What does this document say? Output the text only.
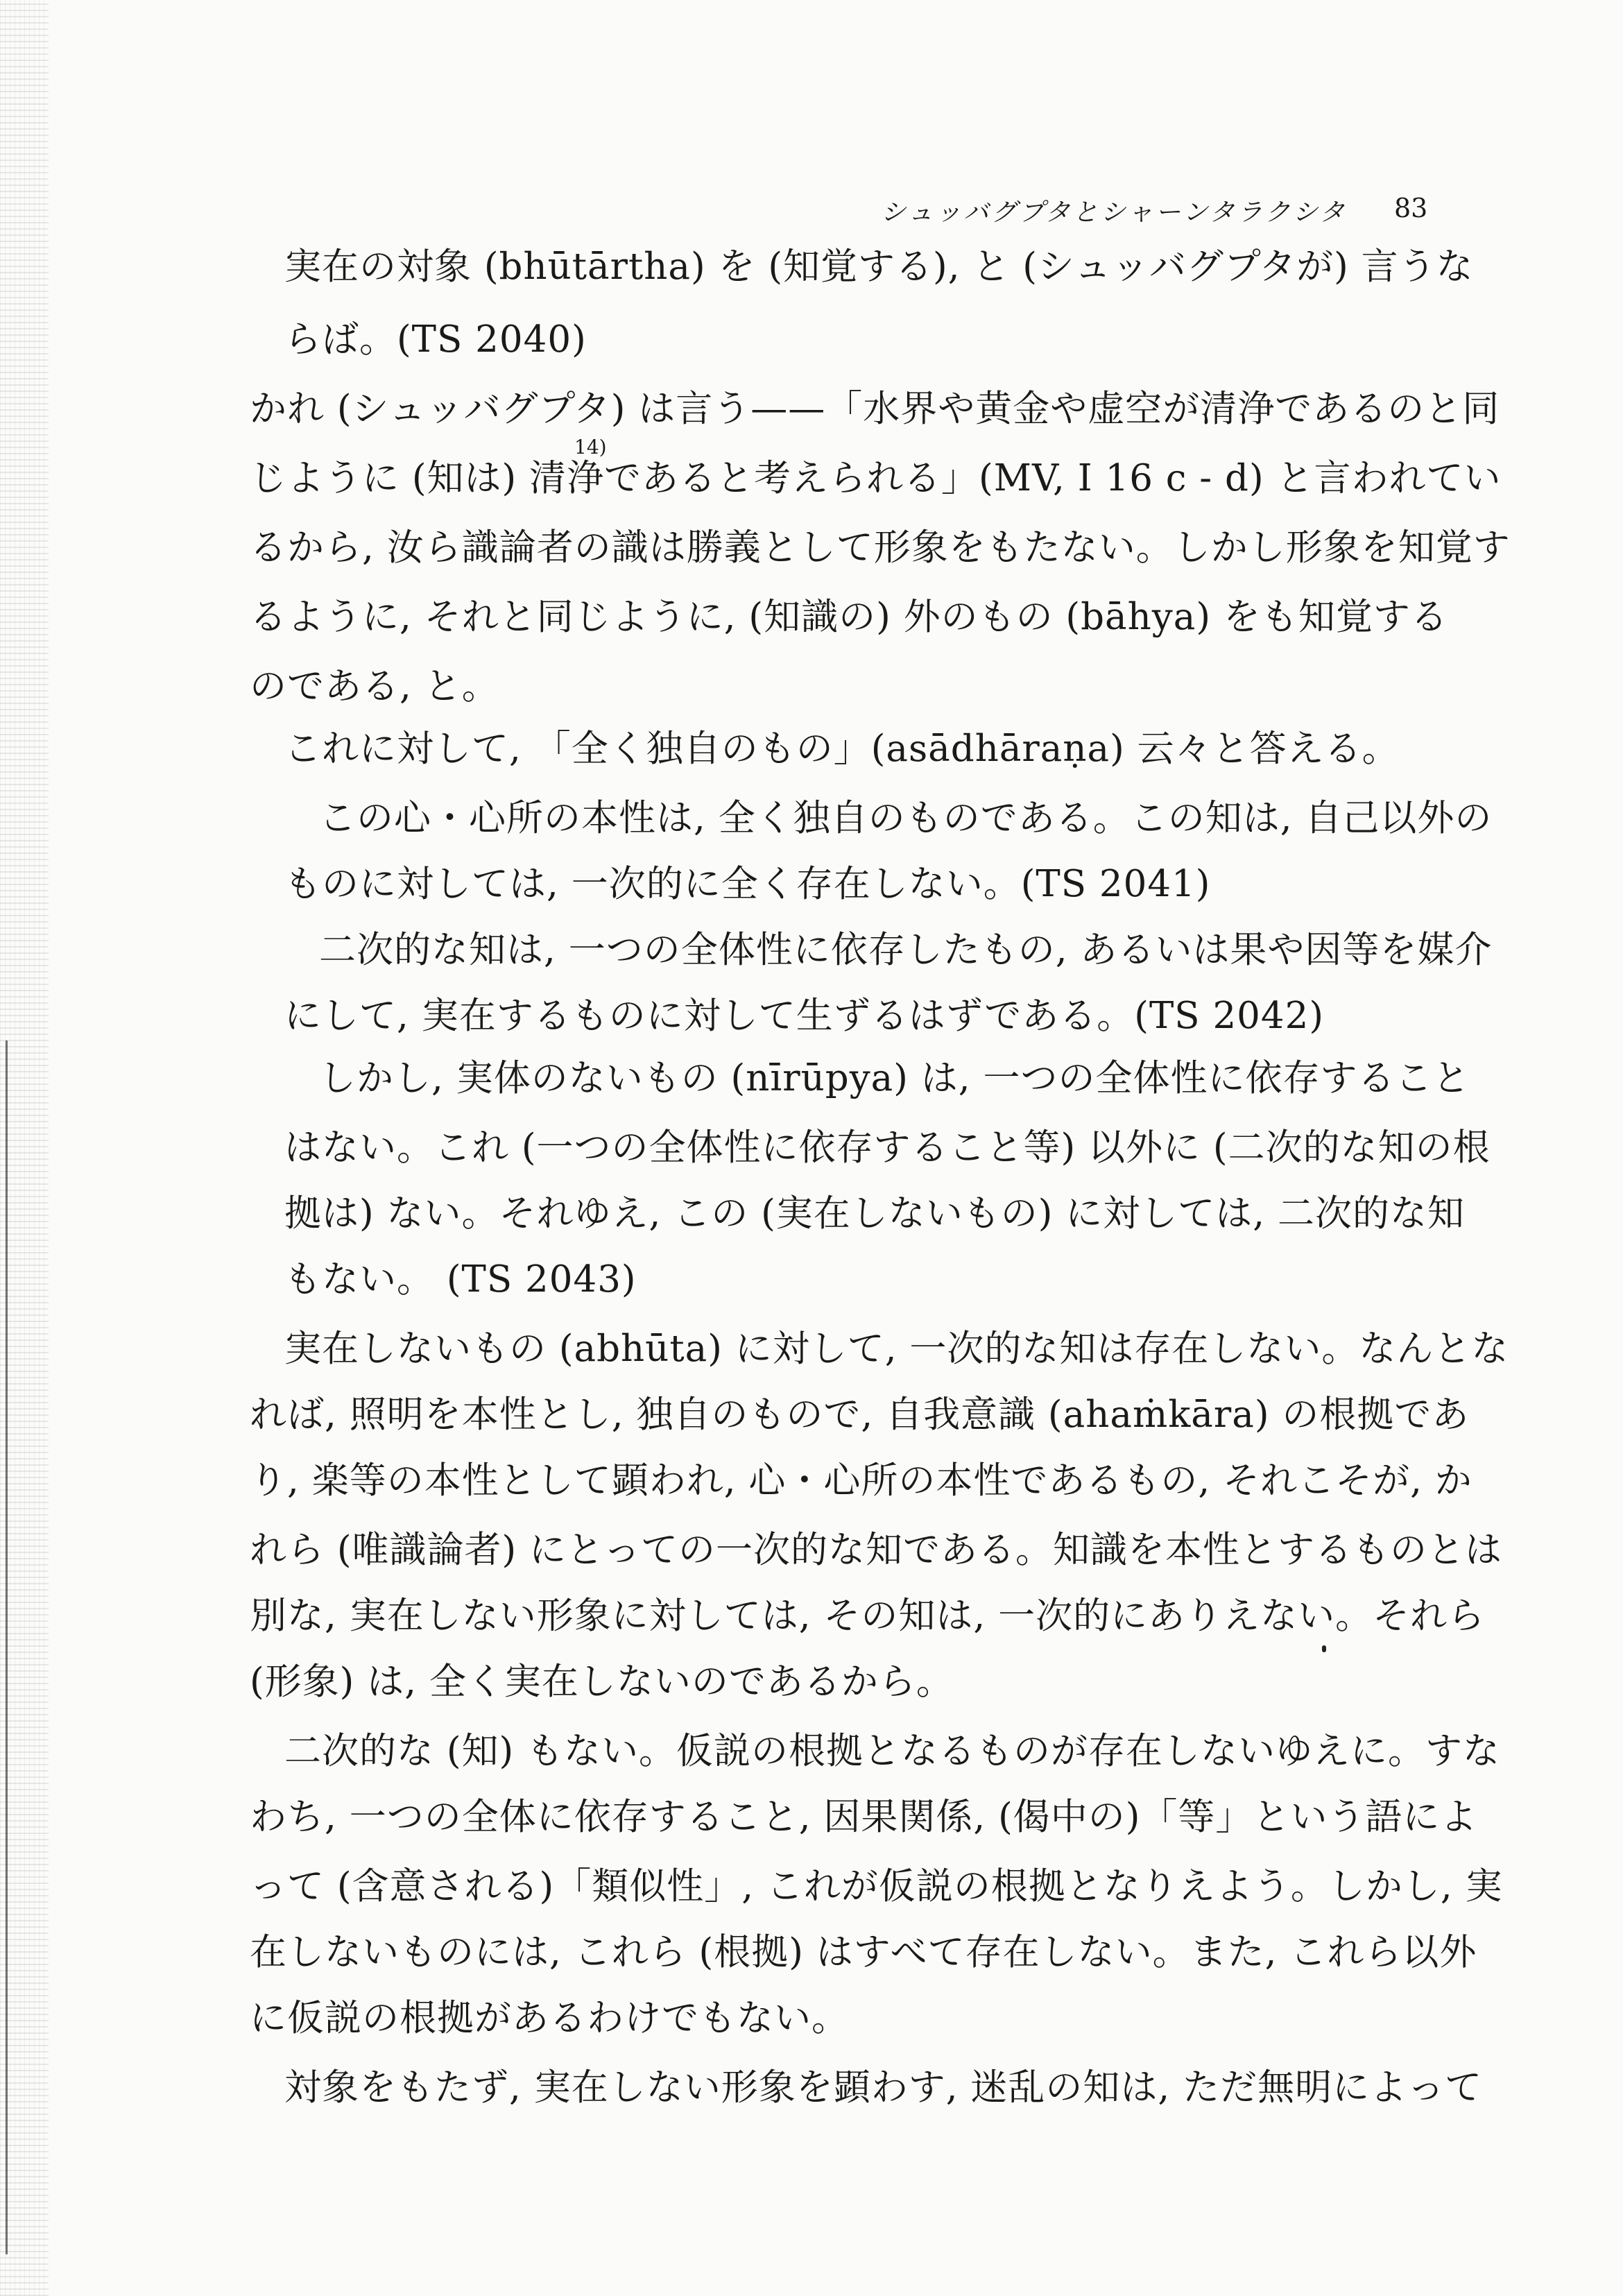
シュッバグプタとシャーンタラクシタ 83
14)
実在の対象 (bhūtārtha) を (知覚する), と (シュッバグプタが) 言うな
らば。(TS 2040)
かれ (シュッバグプタ) は言う——「水界や黄金や虚空が清浄であるのと同
じように (知は) 清浄であると考えられる」(MV, I 16 c - d) と言われてい
るから, 汝ら識論者の識は勝義として形象をもたない。しかし形象を知覚す
るように, それと同じように, (知識の) 外のもの (bāhya) をも知覚する
のである, と。
これに対して, 「全く独自のもの」(asādhāraṇa) 云々と答える。
この心・心所の本性は, 全く独自のものである。この知は, 自己以外の
ものに対しては, 一次的に全く存在しない。(TS 2041)
二次的な知は, 一つの全体性に依存したもの, あるいは果や因等を媒介
にして, 実在するものに対して生ずるはずである。(TS 2042)
しかし, 実体のないもの (nīrūpya) は, 一つの全体性に依存すること
はない。これ (一つの全体性に依存すること等) 以外に (二次的な知の根
拠は) ない。それゆえ, この (実在しないもの) に対しては, 二次的な知
もない。 (TS 2043)
実在しないもの (abhūta) に対して, 一次的な知は存在しない。なんとな
れば, 照明を本性とし, 独自のもので, 自我意識 (ahaṁkāra) の根拠であ
り, 楽等の本性として顕われ, 心・心所の本性であるもの, それこそが, か
れら (唯識論者) にとっての一次的な知である。知識を本性とするものとは
別な, 実在しない形象に対しては, その知は, 一次的にありえない。それら
(形象) は, 全く実在しないのであるから。
二次的な (知) もない。仮説の根拠となるものが存在しないゆえに。すな
わち, 一つの全体に依存すること, 因果関係, (偈中の)「等」という語によ
って (含意される)「類似性」, これが仮説の根拠となりえよう。しかし, 実
在しないものには, これら (根拠) はすべて存在しない。また, これら以外
に仮説の根拠があるわけでもない。
対象をもたず, 実在しない形象を顕わす, 迷乱の知は, ただ無明によって
